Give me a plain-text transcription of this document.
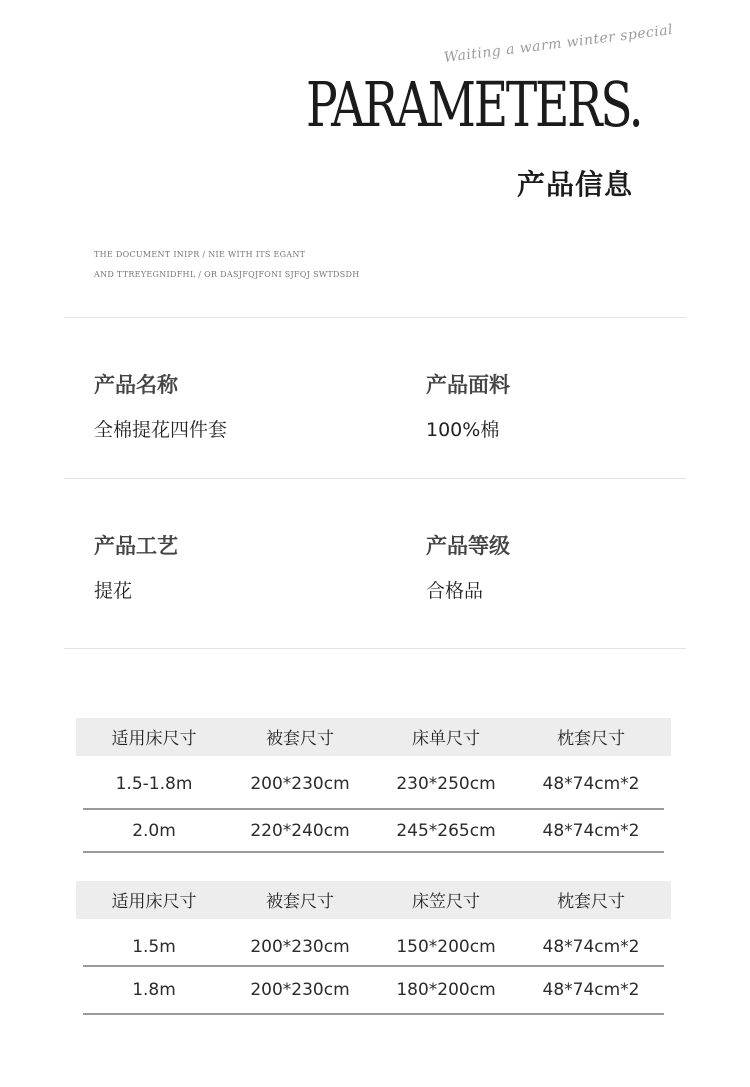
Waiting a warm winter special
PARAMETERS.
产品信息
THE DOCUMENT INIPR / NIE WITH ITS EGANT
AND TTREYEGNIDFHL / OR DASJFQJFONI SJFQJ SWTDSDH
产品名称
全棉提花四件套
产品面料
100%棉
产品工艺
提花
产品等级
合格品
适用床尺寸	被套尺寸	床单尺寸	枕套尺寸
1.5-1.8m	200*230cm	230*250cm	48*74cm*2
2.0m	220*240cm	245*265cm	48*74cm*2
适用床尺寸	被套尺寸	床笠尺寸	枕套尺寸
1.5m	200*230cm	150*200cm	48*74cm*2
1.8m	200*230cm	180*200cm	48*74cm*2
